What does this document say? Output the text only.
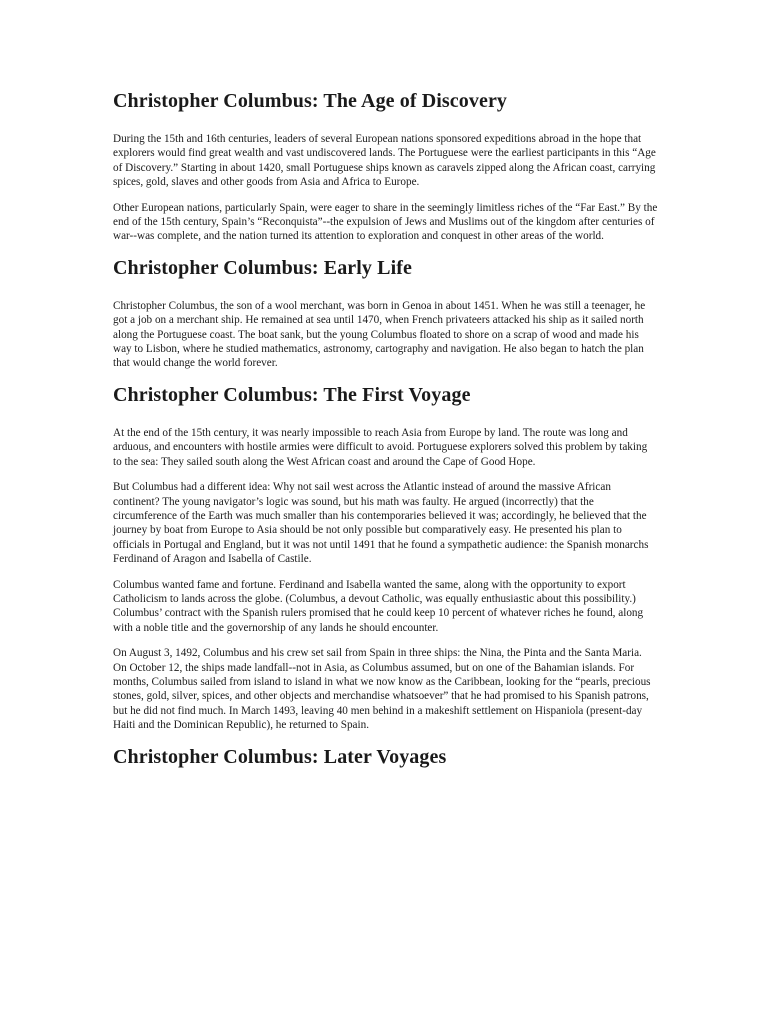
Christopher Columbus: The Age of Discovery

During the 15th and 16th centuries, leaders of several European nations sponsored expeditions abroad in the hope that explorers would find great wealth and vast undiscovered lands. The Portuguese were the earliest participants in this “Age of Discovery.” Starting in about 1420, small Portuguese ships known as caravels zipped along the African coast, carrying spices, gold, slaves and other goods from Asia and Africa to Europe.

Other European nations, particularly Spain, were eager to share in the seemingly limitless riches of the “Far East.” By the end of the 15th century, Spain’s “Reconquista”--the expulsion of Jews and Muslims out of the kingdom after centuries of war--was complete, and the nation turned its attention to exploration and conquest in other areas of the world.

Christopher Columbus: Early Life

Christopher Columbus, the son of a wool merchant, was born in Genoa in about 1451. When he was still a teenager, he got a job on a merchant ship. He remained at sea until 1470, when French privateers attacked his ship as it sailed north along the Portuguese coast. The boat sank, but the young Columbus floated to shore on a scrap of wood and made his way to Lisbon, where he studied mathematics, astronomy, cartography and navigation. He also began to hatch the plan that would change the world forever.

Christopher Columbus: The First Voyage

At the end of the 15th century, it was nearly impossible to reach Asia from Europe by land. The route was long and arduous, and encounters with hostile armies were difficult to avoid. Portuguese explorers solved this problem by taking to the sea: They sailed south along the West African coast and around the Cape of Good Hope.

But Columbus had a different idea: Why not sail west across the Atlantic instead of around the massive African continent? The young navigator’s logic was sound, but his math was faulty. He argued (incorrectly) that the circumference of the Earth was much smaller than his contemporaries believed it was; accordingly, he believed that the journey by boat from Europe to Asia should be not only possible but comparatively easy. He presented his plan to officials in Portugal and England, but it was not until 1491 that he found a sympathetic audience: the Spanish monarchs Ferdinand of Aragon and Isabella of Castile.

Columbus wanted fame and fortune. Ferdinand and Isabella wanted the same, along with the opportunity to export Catholicism to lands across the globe. (Columbus, a devout Catholic, was equally enthusiastic about this possibility.) Columbus’ contract with the Spanish rulers promised that he could keep 10 percent of whatever riches he found, along with a noble title and the governorship of any lands he should encounter.

On August 3, 1492, Columbus and his crew set sail from Spain in three ships: the Nina, the Pinta and the Santa Maria. On October 12, the ships made landfall--not in Asia, as Columbus assumed, but on one of the Bahamian islands. For months, Columbus sailed from island to island in what we now know as the Caribbean, looking for the “pearls, precious stones, gold, silver, spices, and other objects and merchandise whatsoever” that he had promised to his Spanish patrons, but he did not find much. In March 1493, leaving 40 men behind in a makeshift settlement on Hispaniola (present-day Haiti and the Dominican Republic), he returned to Spain.

Christopher Columbus: Later Voyages
